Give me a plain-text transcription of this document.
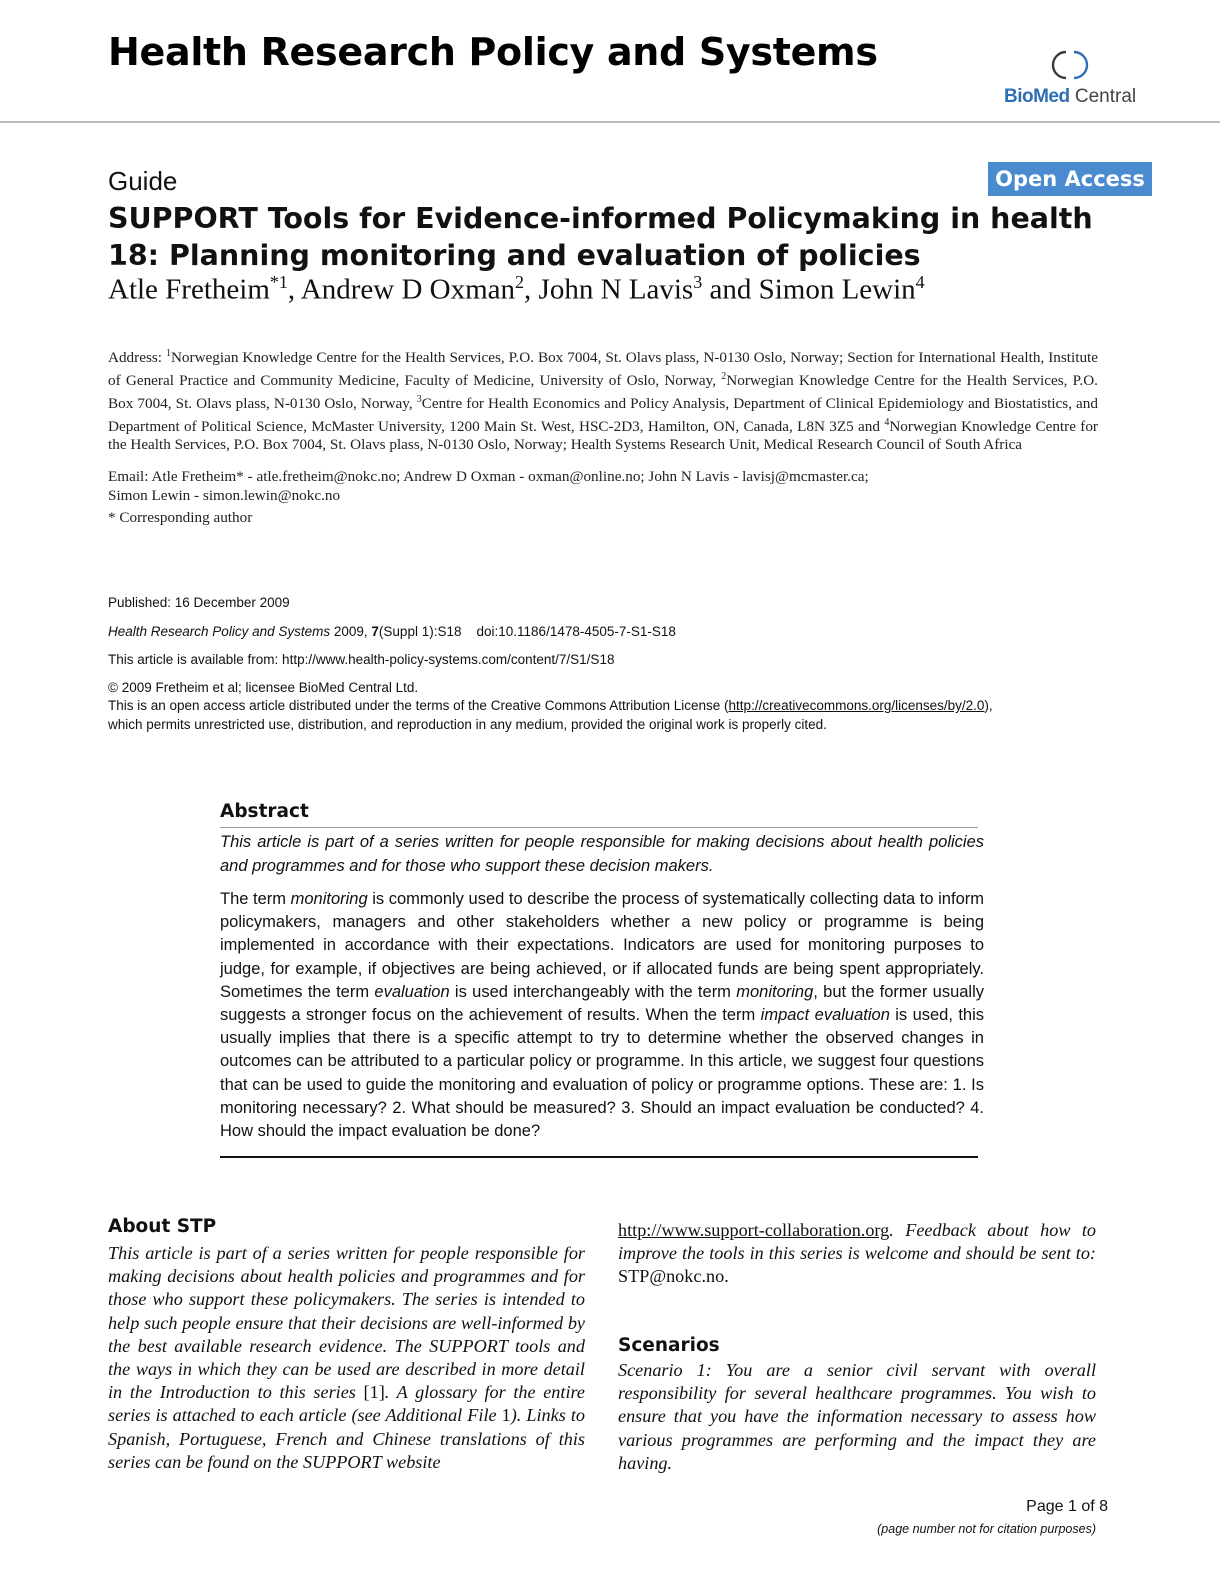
Health Research Policy and Systems
BioMed Central
Guide	Open Access
SUPPORT Tools for Evidence-informed Policymaking in health 18: Planning monitoring and evaluation of policies
Atle Fretheim$^{*1}$, Andrew D Oxman$^2$, John N Lavis$^3$ and Simon Lewin$^4$
Address: $^1$Norwegian Knowledge Centre for the Health Services, P.O. Box 7004, St. Olavs plass, N-0130 Oslo, Norway; Section for International Health, Institute of General Practice and Community Medicine, Faculty of Medicine, University of Oslo, Norway, $^2$Norwegian Knowledge Centre for the Health Services, P.O. Box 7004, St. Olavs plass, N-0130 Oslo, Norway, $^3$Centre for Health Economics and Policy Analysis, Department of Clinical Epidemiology and Biostatistics, and Department of Political Science, McMaster University, 1200 Main St. West, HSC-2D3, Hamilton, ON, Canada, L8N 3Z5 and $^4$Norwegian Knowledge Centre for the Health Services, P.O. Box 7004, St. Olavs plass, N-0130 Oslo, Norway; Health Systems Research Unit, Medical Research Council of South Africa
Email: Atle Fretheim* - atle.fretheim@nokc.no; Andrew D Oxman - oxman@online.no; John N Lavis - lavisj@mcmaster.ca;
Simon Lewin - simon.lewin@nokc.no
* Corresponding author
Published: 16 December 2009
Health Research Policy and Systems 2009, 7(Suppl 1):S18 doi:10.1186/1478-4505-7-S1-S18
This article is available from: http://www.health-policy-systems.com/content/7/S1/S18
© 2009 Fretheim et al; licensee BioMed Central Ltd.
This is an open access article distributed under the terms of the Creative Commons Attribution License (http://creativecommons.org/licenses/by/2.0),
which permits unrestricted use, distribution, and reproduction in any medium, provided the original work is properly cited.
Abstract
This article is part of a series written for people responsible for making decisions about health policies and programmes and for those who support these decision makers.
The term monitoring is commonly used to describe the process of systematically collecting data to inform policymakers, managers and other stakeholders whether a new policy or programme is being implemented in accordance with their expectations. Indicators are used for monitoring purposes to judge, for example, if objectives are being achieved, or if allocated funds are being spent appropriately. Sometimes the term evaluation is used interchangeably with the term monitoring, but the former usually suggests a stronger focus on the achievement of results. When the term impact evaluation is used, this usually implies that there is a specific attempt to try to determine whether the observed changes in outcomes can be attributed to a particular policy or programme. In this article, we suggest four questions that can be used to guide the monitoring and evaluation of policy or programme options. These are: 1. Is monitoring necessary? 2. What should be measured? 3. Should an impact evaluation be conducted? 4. How should the impact evaluation be done?
About STP
This article is part of a series written for people responsible for making decisions about health policies and programmes and for those who support these policymakers. The series is intended to help such people ensure that their decisions are well-informed by the best available research evidence. The SUPPORT tools and the ways in which they can be used are described in more detail in the Introduction to this series [1]. A glossary for the entire series is attached to each article (see Additional File 1). Links to Spanish, Portuguese, French and Chinese translations of this series can be found on the SUPPORT website
http://www.support-collaboration.org. Feedback about how to improve the tools in this series is welcome and should be sent to: STP@nokc.no.
Scenarios
Scenario 1: You are a senior civil servant with overall responsibility for several healthcare programmes. You wish to ensure that you have the information necessary to assess how various programmes are performing and the impact they are having.
Page 1 of 8
(page number not for citation purposes)
